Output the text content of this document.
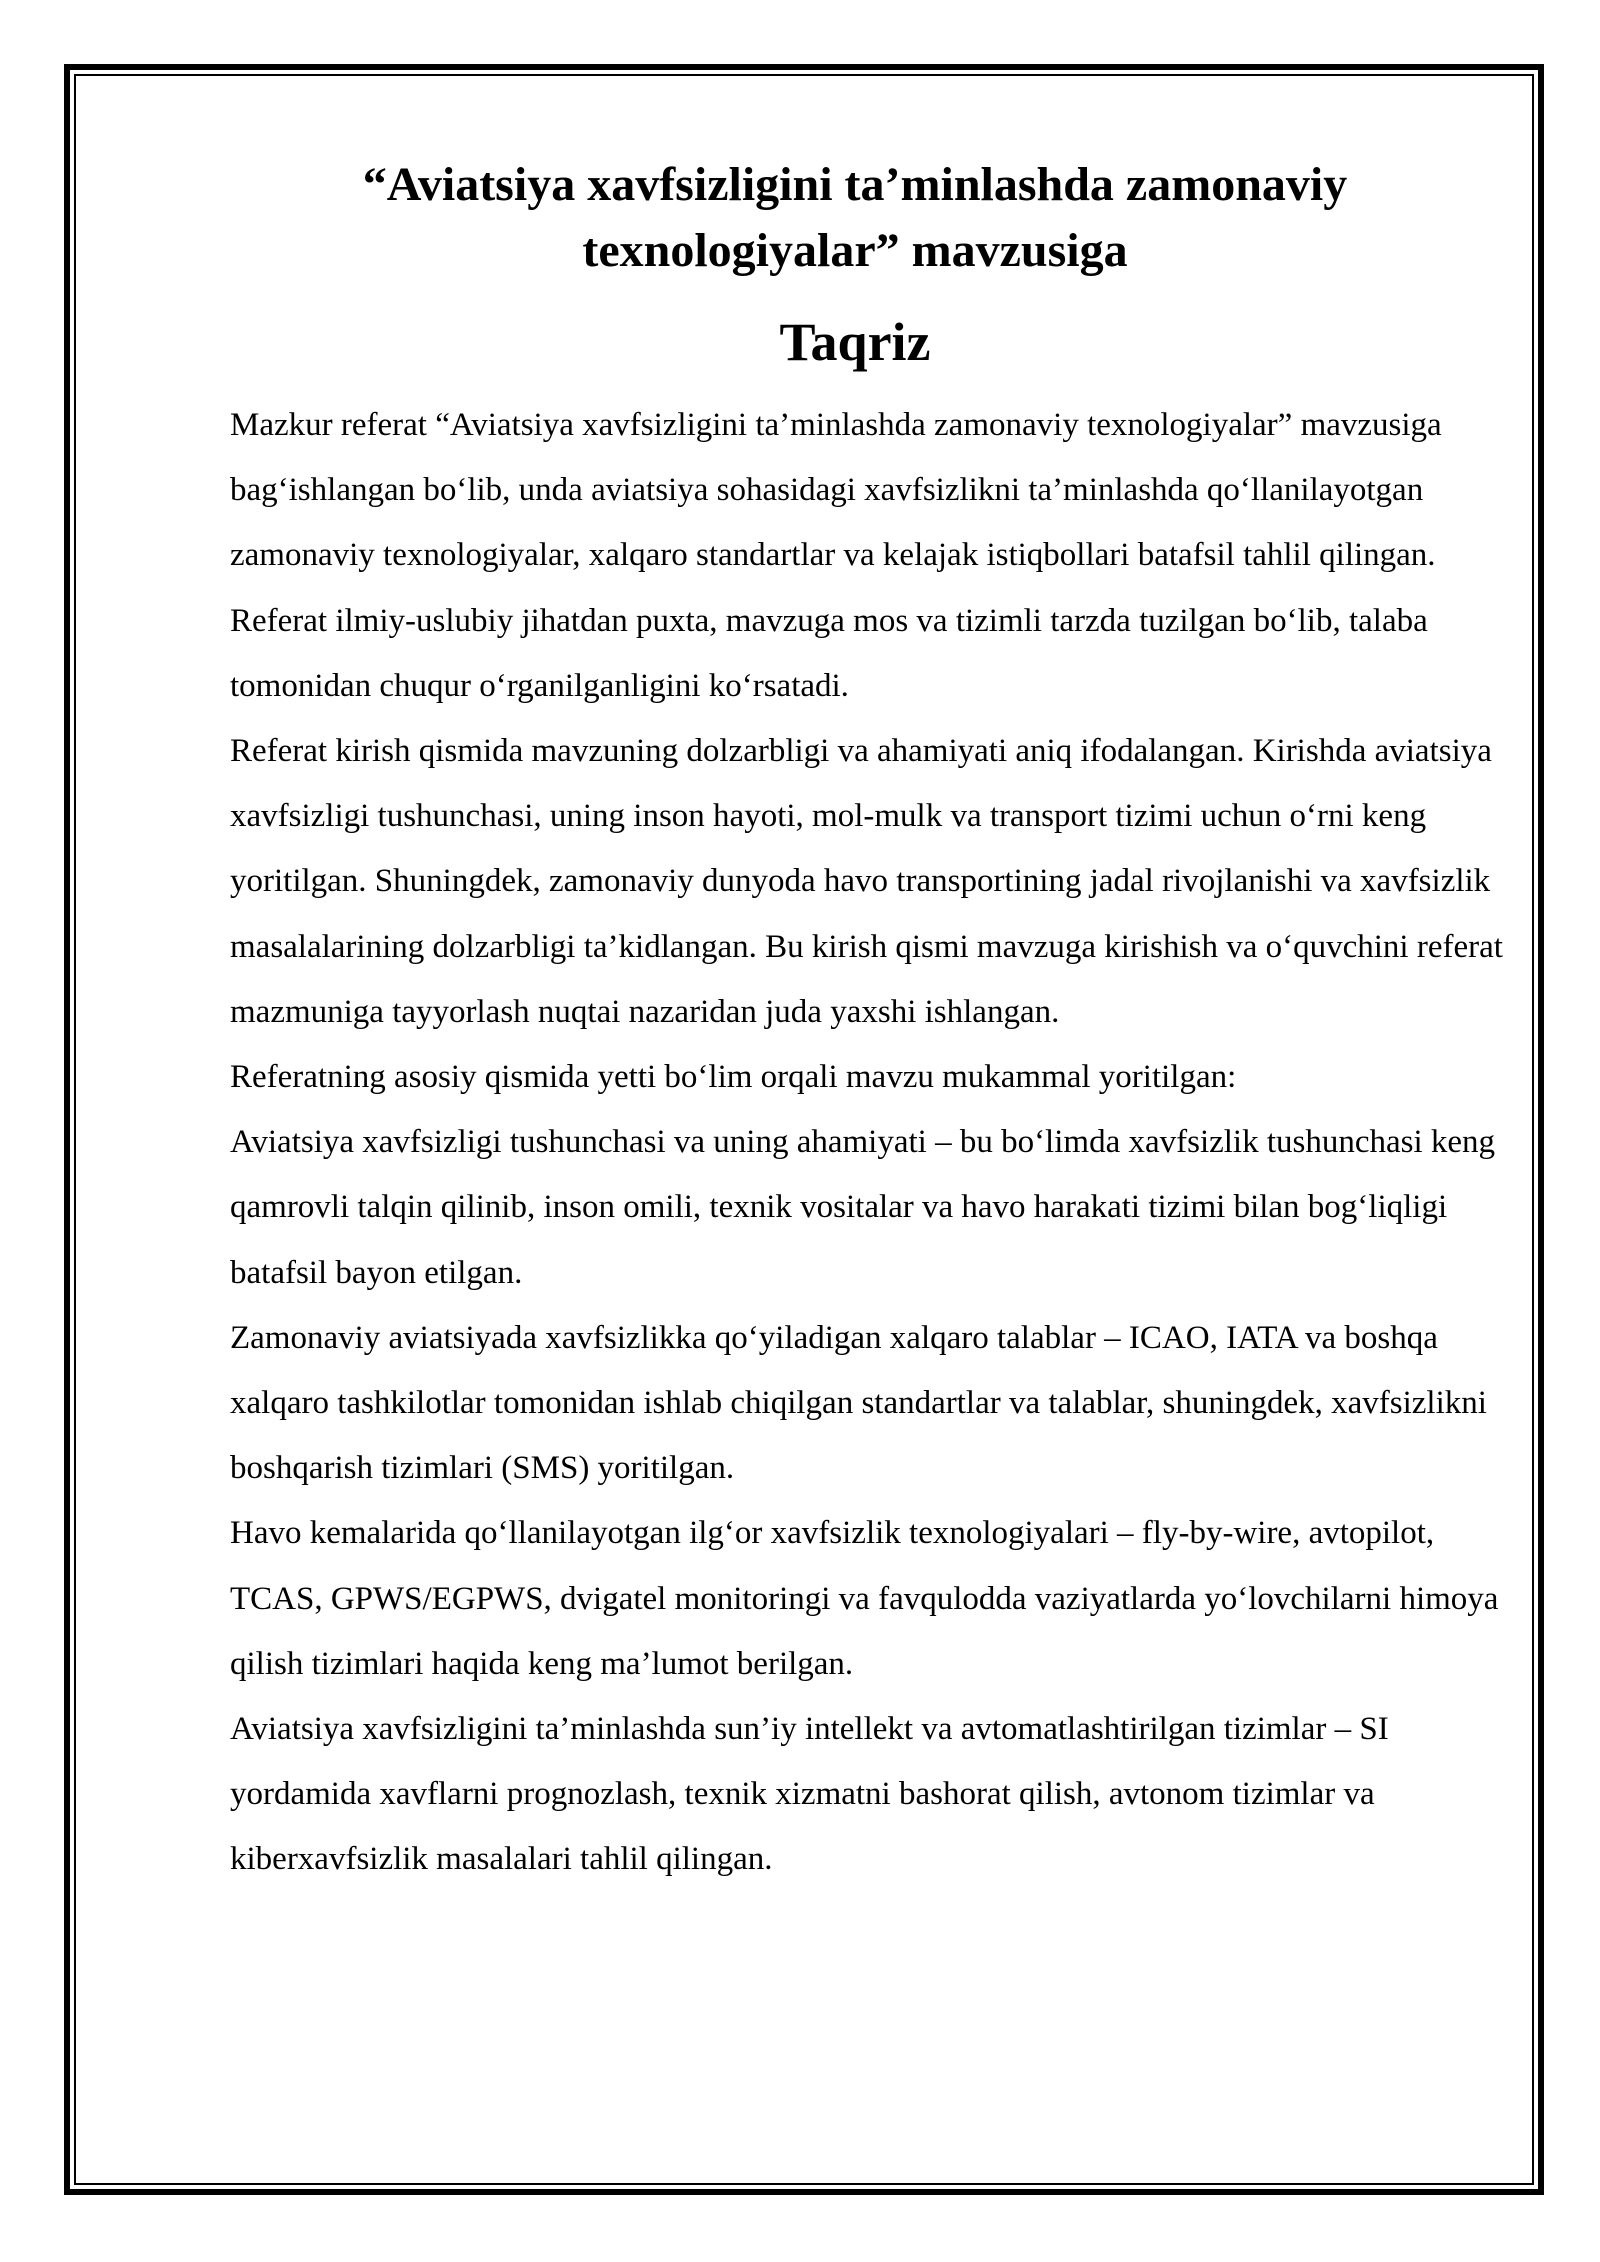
“Aviatsiya xavfsizligini ta’minlashda zamonaviy texnologiyalar” mavzusiga
Taqriz

Mazkur referat “Aviatsiya xavfsizligini ta’minlashda zamonaviy texnologiyalar” mavzusiga bag‘ishlangan bo‘lib, unda aviatsiya sohasidagi xavfsizlikni ta’minlashda qo‘llanilayotgan zamonaviy texnologiyalar, xalqaro standartlar va kelajak istiqbollari batafsil tahlil qilingan. Referat ilmiy-uslubiy jihatdan puxta, mavzuga mos va tizimli tarzda tuzilgan bo‘lib, talaba tomonidan chuqur o‘rganilganligini ko‘rsatadi.

Referat kirish qismida mavzuning dolzarbligi va ahamiyati aniq ifodalangan. Kirishda aviatsiya xavfsizligi tushunchasi, uning inson hayoti, mol-mulk va transport tizimi uchun o‘rni keng yoritilgan. Shuningdek, zamonaviy dunyoda havo transportining jadal rivojlanishi va xavfsizlik masalalarining dolzarbligi ta’kidlangan. Bu kirish qismi mavzuga kirishish va o‘quvchini referat mazmuniga tayyorlash nuqtai nazaridan juda yaxshi ishlangan.

Referatning asosiy qismida yetti bo‘lim orqali mavzu mukammal yoritilgan:

Aviatsiya xavfsizligi tushunchasi va uning ahamiyati – bu bo‘limda xavfsizlik tushunchasi keng qamrovli talqin qilinib, inson omili, texnik vositalar va havo harakati tizimi bilan bog‘liqligi batafsil bayon etilgan.

Zamonaviy aviatsiyada xavfsizlikka qo‘yiladigan xalqaro talablar – ICAO, IATA va boshqa xalqaro tashkilotlar tomonidan ishlab chiqilgan standartlar va talablar, shuningdek, xavfsizlikni boshqarish tizimlari (SMS) yoritilgan.

Havo kemalarida qo‘llanilayotgan ilg‘or xavfsizlik texnologiyalari – fly-by-wire, avtopilot, TCAS, GPWS/EGPWS, dvigatel monitoringi va favqulodda vaziyatlarda yo‘lovchilarni himoya qilish tizimlari haqida keng ma’lumot berilgan.

Aviatsiya xavfsizligini ta’minlashda sun’iy intellekt va avtomatlashtirilgan tizimlar – SI yordamida xavflarni prognozlash, texnik xizmatni bashorat qilish, avtonom tizimlar va kiberxavfsizlik masalalari tahlil qilingan.
